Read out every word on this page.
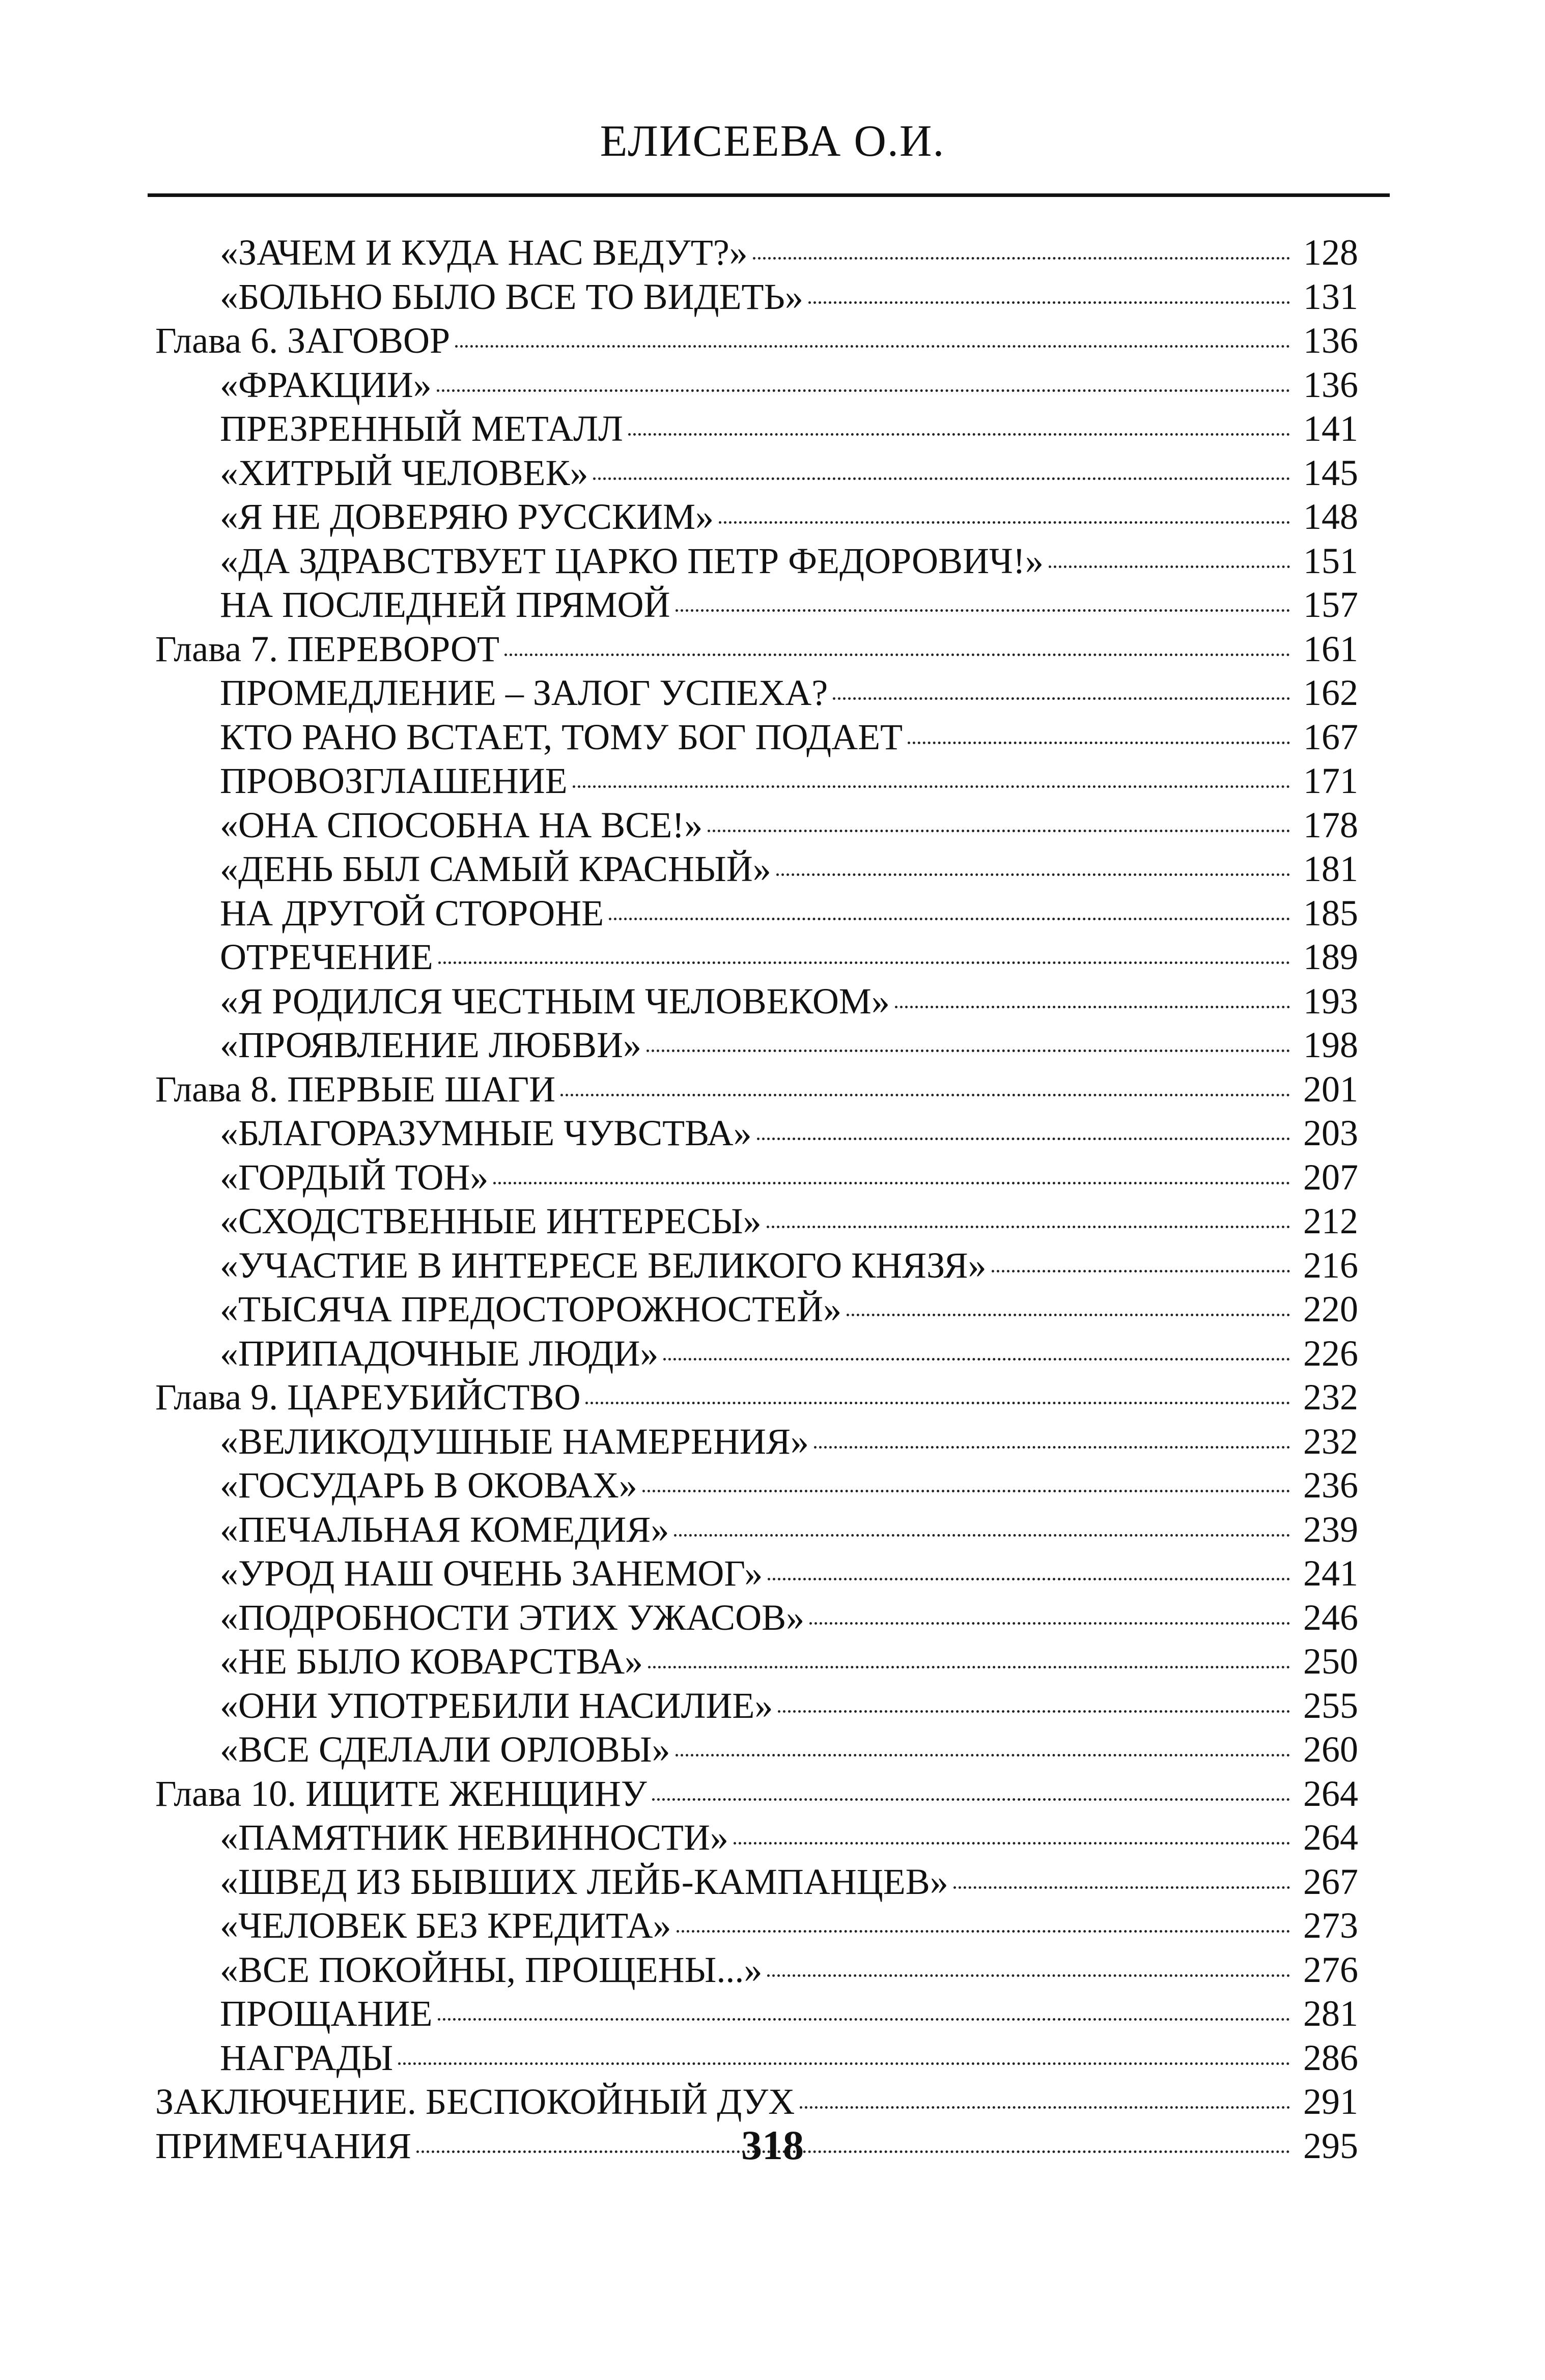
ЕЛИСЕЕВА О.И.
«ЗАЧЕМ И КУДА НАС ВЕДУТ?»	128
«БОЛЬНО БЫЛО ВСЕ ТО ВИДЕТЬ»	131
Глава 6. ЗАГОВОР	136
«ФРАКЦИИ»	136
ПРЕЗРЕННЫЙ МЕТАЛЛ	141
«ХИТРЫЙ ЧЕЛОВЕК»	145
«Я НЕ ДОВЕРЯЮ РУССКИМ»	148
«ДА ЗДРАВСТВУЕТ ЦАРКО ПЕТР ФЕДОРОВИЧ!»	151
НА ПОСЛЕДНЕЙ ПРЯМОЙ	157
Глава 7. ПЕРЕВОРОТ	161
ПРОМЕДЛЕНИЕ – ЗАЛОГ УСПЕХА?	162
КТО РАНО ВСТАЕТ, ТОМУ БОГ ПОДАЕТ	167
ПРОВОЗГЛАШЕНИЕ	171
«ОНА СПОСОБНА НА ВСЕ!»	178
«ДЕНЬ БЫЛ САМЫЙ КРАСНЫЙ»	181
НА ДРУГОЙ СТОРОНЕ	185
ОТРЕЧЕНИЕ	189
«Я РОДИЛСЯ ЧЕСТНЫМ ЧЕЛОВЕКОМ»	193
«ПРОЯВЛЕНИЕ ЛЮБВИ»	198
Глава 8. ПЕРВЫЕ ШАГИ	201
«БЛАГОРАЗУМНЫЕ ЧУВСТВА»	203
«ГОРДЫЙ ТОН»	207
«СХОДСТВЕННЫЕ ИНТЕРЕСЫ»	212
«УЧАСТИЕ В ИНТЕРЕСЕ ВЕЛИКОГО КНЯЗЯ»	216
«ТЫСЯЧА ПРЕДОСТОРОЖНОСТЕЙ»	220
«ПРИПАДОЧНЫЕ ЛЮДИ»	226
Глава 9. ЦАРЕУБИЙСТВО	232
«ВЕЛИКОДУШНЫЕ НАМЕРЕНИЯ»	232
«ГОСУДАРЬ В ОКОВАХ»	236
«ПЕЧАЛЬНАЯ КОМЕДИЯ»	239
«УРОД НАШ ОЧЕНЬ ЗАНЕМОГ»	241
«ПОДРОБНОСТИ ЭТИХ УЖАСОВ»	246
«НЕ БЫЛО КОВАРСТВА»	250
«ОНИ УПОТРЕБИЛИ НАСИЛИЕ»	255
«ВСЕ СДЕЛАЛИ ОРЛОВЫ»	260
Глава 10. ИЩИТЕ ЖЕНЩИНУ	264
«ПАМЯТНИК НЕВИННОСТИ»	264
«ШВЕД ИЗ БЫВШИХ ЛЕЙБ-КАМПАНЦЕВ»	267
«ЧЕЛОВЕК БЕЗ КРЕДИТА»	273
«ВСЕ ПОКОЙНЫ, ПРОЩЕНЫ...»	276
ПРОЩАНИЕ	281
НАГРАДЫ	286
ЗАКЛЮЧЕНИЕ. БЕСПОКОЙНЫЙ ДУХ	291
ПРИМЕЧАНИЯ	295
318
